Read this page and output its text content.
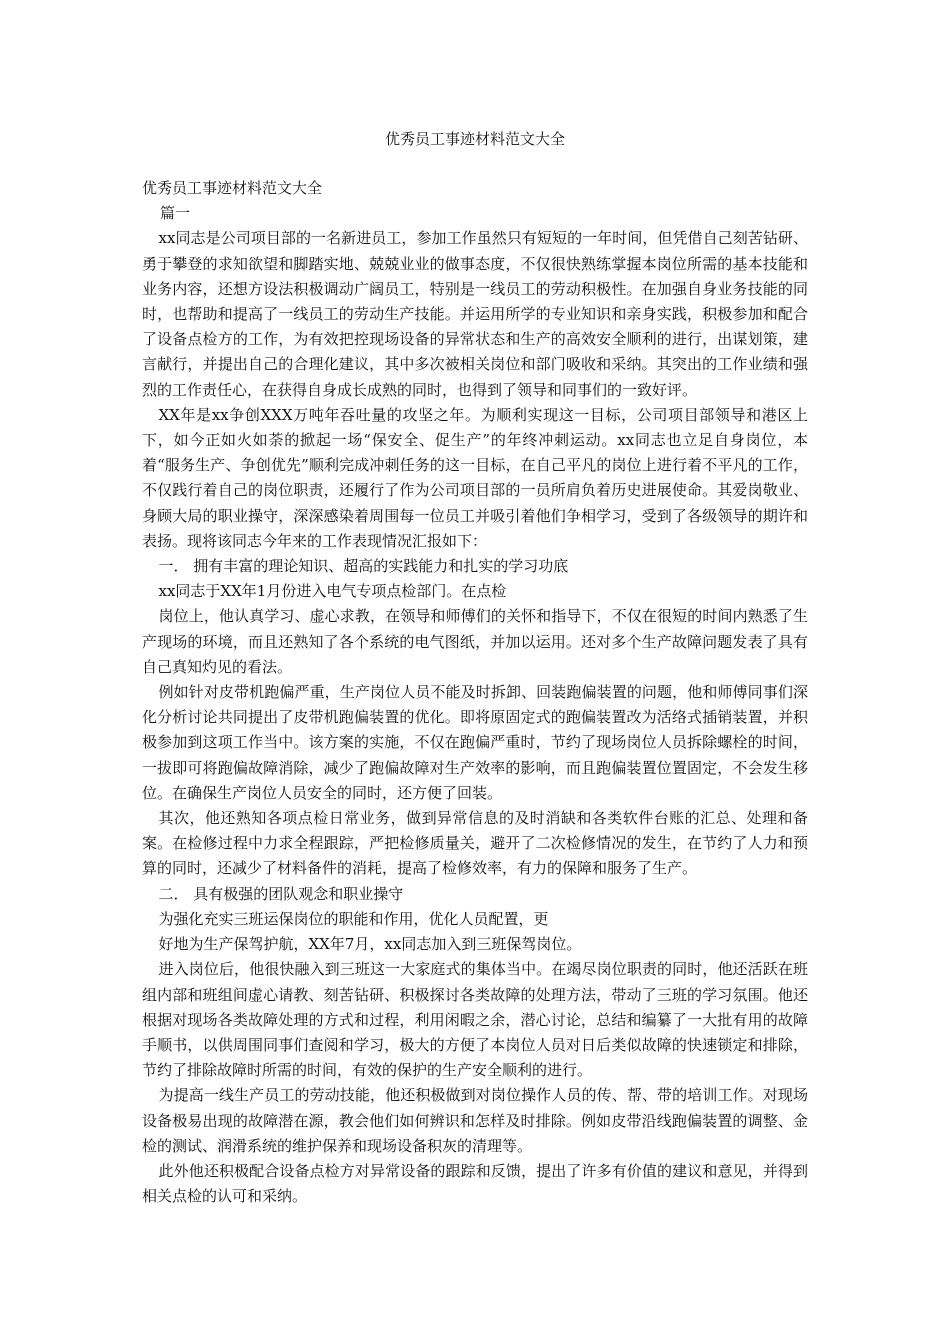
优秀员工事迹材料范文大全

优秀员工事迹材料范文大全

篇一

xx同志是公司项目部的一名新进员工，参加工作虽然只有短短的一年时间，但凭借自己刻苦钻研、勇于攀登的求知欲望和脚踏实地、兢兢业业的做事态度，不仅很快熟练掌握本岗位所需的基本技能和业务内容，还想方设法积极调动广阔员工，特别是一线员工的劳动积极性。在加强自身业务技能的同时，也帮助和提高了一线员工的劳动生产技能。并运用所学的专业知识和亲身实践，积极参加和配合了设备点检方的工作，为有效把控现场设备的异常状态和生产的高效安全顺利的进行，出谋划策，建言献行，并提出自己的合理化建议，其中多次被相关岗位和部门吸收和采纳。其突出的工作业绩和强烈的工作责任心，在获得自身成长成熟的同时，也得到了领导和同事们的一致好评。

XX年是xx争创XXX万吨年吞吐量的攻坚之年。为顺利实现这一目标，公司项目部领导和港区上下，如今正如火如荼的掀起一场“保安全、促生产”的年终冲刺运动。xx同志也立足自身岗位，本着“服务生产、争创优先”顺利完成冲刺任务的这一目标，在自己平凡的岗位上进行着不平凡的工作，不仅践行着自己的岗位职责，还履行了作为公司项目部的一员所肩负着历史进展使命。其爱岗敬业、身顾大局的职业操守，深深感染着周围每一位员工并吸引着他们争相学习，受到了各级领导的期许和表扬。现将该同志今年来的工作表现情况汇报如下：

一． 拥有丰富的理论知识、超高的实践能力和扎实的学习功底

xx同志于XX年1月份进入电气专项点检部门。在点检

岗位上，他认真学习、虚心求教，在领导和师傅们的关怀和指导下，不仅在很短的时间内熟悉了生产现场的环境，而且还熟知了各个系统的电气图纸，并加以运用。还对多个生产故障问题发表了具有自己真知灼见的看法。

例如针对皮带机跑偏严重，生产岗位人员不能及时拆卸、回装跑偏装置的问题，他和师傅同事们深化分析讨论共同提出了皮带机跑偏装置的优化。即将原固定式的跑偏装置改为活络式插销装置，并积极参加到这项工作当中。该方案的实施，不仅在跑偏严重时，节约了现场岗位人员拆除螺栓的时间，一拔即可将跑偏故障消除，减少了跑偏故障对生产效率的影响，而且跑偏装置位置固定，不会发生移位。在确保生产岗位人员安全的同时，还方便了回装。

其次，他还熟知各项点检日常业务，做到异常信息的及时消缺和各类软件台账的汇总、处理和备案。在检修过程中力求全程跟踪，严把检修质量关，避开了二次检修情况的发生，在节约了人力和预算的同时，还减少了材料备件的消耗，提高了检修效率，有力的保障和服务了生产。

二． 具有极强的团队观念和职业操守

为强化充实三班运保岗位的职能和作用，优化人员配置，更

好地为生产保驾护航，XX年7月，xx同志加入到三班保驾岗位。

进入岗位后，他很快融入到三班这一大家庭式的集体当中。在竭尽岗位职责的同时，他还活跃在班组内部和班组间虚心请教、刻苦钻研、积极探讨各类故障的处理方法，带动了三班的学习氛围。他还根据对现场各类故障处理的方式和过程，利用闲暇之余，潜心讨论，总结和编纂了一大批有用的故障手顺书，以供周围同事们查阅和学习，极大的方便了本岗位人员对日后类似故障的快速锁定和排除，节约了排除故障时所需的时间，有效的保护的生产安全顺利的进行。

为提高一线生产员工的劳动技能，他还积极做到对岗位操作人员的传、帮、带的培训工作。对现场设备极易出现的故障潜在源，教会他们如何辨识和怎样及时排除。例如皮带沿线跑偏装置的调整、金检的测试、润滑系统的维护保养和现场设备积灰的清理等。

此外他还积极配合设备点检方对异常设备的跟踪和反馈，提出了许多有价值的建议和意见，并得到相关点检的认可和采纳。
